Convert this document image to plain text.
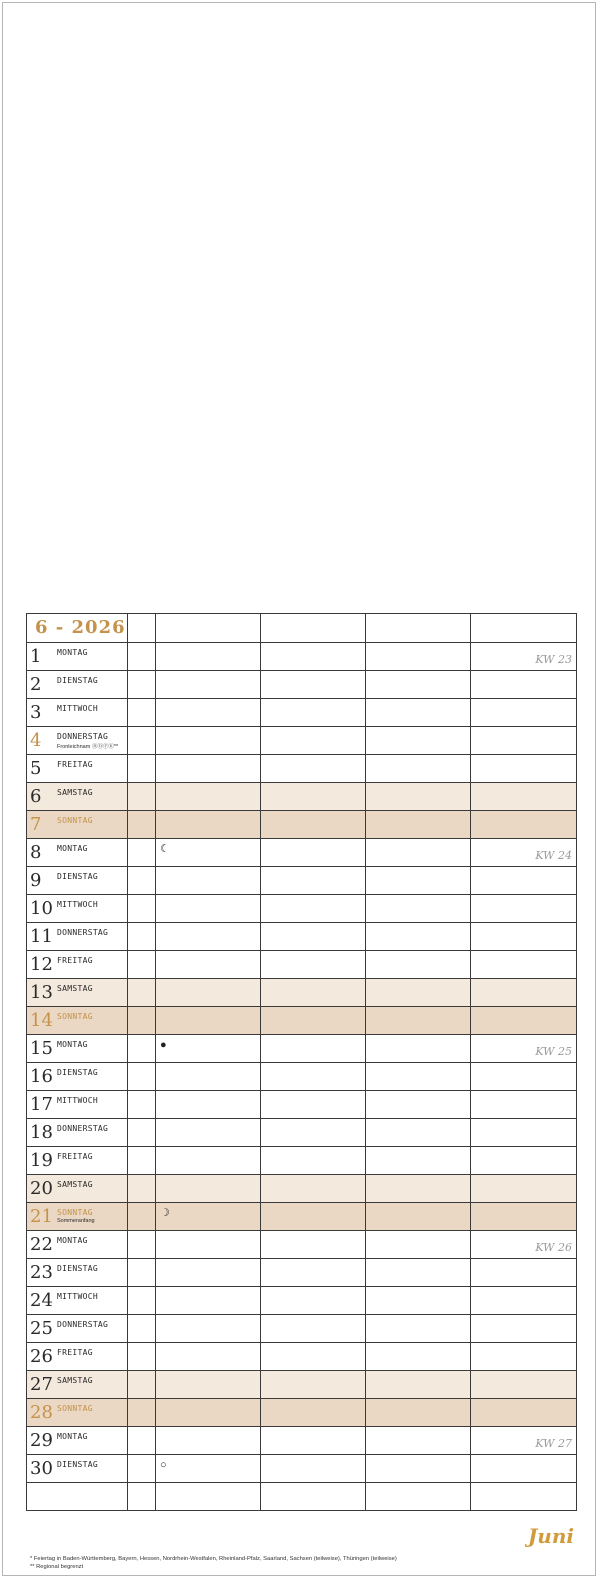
6 - 2026					

1 MONTAG					KW 23

2 DIENSTAG					

3 MITTWOCH					

4 DONNERSTAG
Fronleichnam ⒷⒹⒻⓀ**					

5 FREITAG					

6 SAMSTAG					

7 SONNTAG					

8 MONTAG		☾			KW 24

9 DIENSTAG					

10 MITTWOCH					

11 DONNERSTAG					

12 FREITAG					

13 SAMSTAG					

14 SONNTAG					

15 MONTAG		●			KW 25

16 DIENSTAG					

17 MITTWOCH					

18 DONNERSTAG					

19 FREITAG					

20 SAMSTAG					

21 SONNTAG
Sommeranfang		☽			

22 MONTAG					KW 26

23 DIENSTAG					

24 MITTWOCH					

25 DONNERSTAG					

26 FREITAG					

27 SAMSTAG					

28 SONNTAG					

29 MONTAG					KW 27

30 DIENSTAG		○			

* Feiertag in Baden-Württemberg, Bayern, Hessen, Nordrhein-Westfalen, Rheinland-Pfalz, Saarland, Sachsen (teilweise), Thüringen (teilweise)
** Regional begrenzt
Juni
